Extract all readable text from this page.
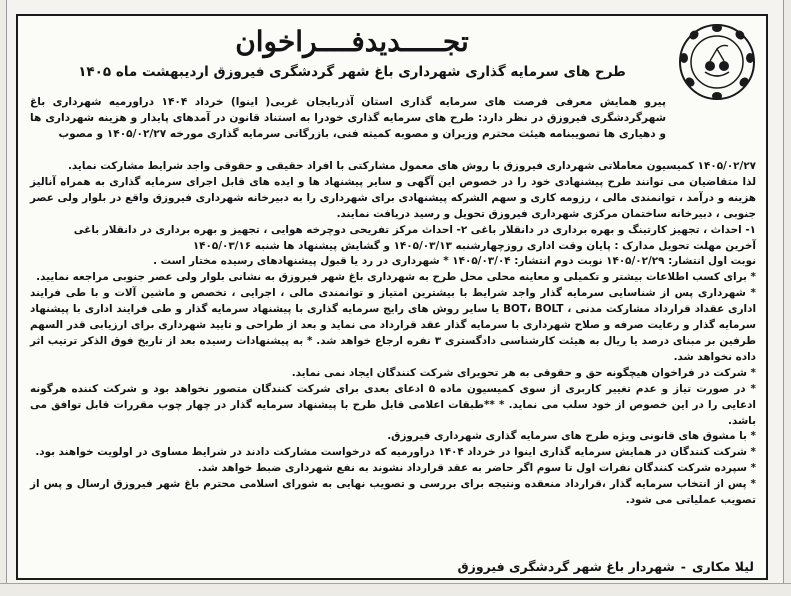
تجـــــدیدفــــراخوان
طرح های سرمایه گذاری شهرداری باغ شهر گردشگری فیروزق اردیبهشت ماه ۱۴۰۵

پیرو همایش معرفی فرصت های سرمایه گذاری استان آذربایجان غربی( اینوا) خرداد ۱۴۰۴ دراورمیه شهرداری باغ شهرگردشگری فیروزق در نظر دارد: طرح های سرمایه گذاری خودرا به استناد قانون در آمدهای پایدار و هزینه شهرداری ها و دهیاری ها تصویبنامه هیئت محترم وزیران و مصوبه کمیته فنی، بازرگانی سرمایه گذاری مورخه ۱۴۰۵/۰۲/۲۷ و مصوب

۱۴۰۵/۰۲/۲۷ کمیسیون معاملاتی شهرداری فیروزق با روش های معمول مشارکتی با افراد حقیقی و حقوقی واجد شرایط مشارکت نماید.

لذا متقاضیان می توانند طرح پیشنهادی خود را در خصوص این آگهی و سایر پیشنهاد ها و ایده های قابل اجرای سرمایه گذاری به همراه آنالیز هزینه و درآمد ، توانمندی مالی ، رزومه کاری و سهم الشرکه پیشنهادی برای شهرداری را به دبیرخانه شهرداری فیروزق واقع در بلوار ولی عصر جنوبی ، دبیرخانه ساختمان مرکزی شهرداری فیروزق تحویل و رسید دریافت نمایند.

۱- احداث ، تجهیز کارتینگ و بهره برداری در دانقلار باغی ۲- احداث مرکز تفریحی دوچرخه هوایی ، تجهیز و بهره برداری در دانقلار باغی

آخرین مهلت تحویل مدارک : پایان وقت اداری روزچهارشنبه ۱۴۰۵/۰۳/۱۳ و گشایش پیشنهاد ها شنبه ۱۴۰۵/۰۳/۱۶

نوبت اول انتشار: ۱۴۰۵/۰۲/۲۹ نوبت دوم انتشار: ۱۴۰۵/۰۳/۰۴ * شهرداری در رد یا قبول پیشنهادهای رسیده مختار است .

* برای کسب اطلاعات بیشتر و تکمیلی و معاینه محلی محل طرح به شهرداری باغ شهر فیروزق به نشانی بلوار ولی عصر جنوبی مراجعه نمایید.

* شهرداری پس از شناسایی سرمایه گذار واجد شرایط با بیشترین امتیاز و توانمندی مالی ، اجرایی ، تخصص و ماشین آلات و با طی فرایند اداری عقداد قرارداد مشارکت مدنی ، BOT، BOLT یا سایر روش های رایج سرمایه گذاری با پیشنهاد سرمایه گذار و طی فرایند اداری با پیشنهاد سرمایه گذار و رعایت صرفه و صلاح شهرداری با سرمایه گذار عقد قرارداد می نماید و بعد از طراحی و تایید شهرداری برای ارزیابی قدر السهم طرفین بر مبنای درصد یا ریال به هیئت کارشناسی دادگستری ۳ نفره ارجاع خواهد شد. * به پیشنهادات رسیده بعد از تاریخ فوق الذکر ترتیب اثر داده نخواهد شد.

* شرکت در فراخوان هیچگونه حق و حقوقی به هر تحویرای شرکت کنندگان ایجاد نمی نماید.

* در صورت تیاز و عدم تغییر کاربری از سوی کمیسیون ماده ۵ ادعای بعدی برای شرکت کنندگان متصور نخواهد بود و شرکت کننده هرگونه ادعایی را در این خصوص از خود سلب می نماید. * **طبقات اعلامی قابل طرح با پیشنهاد سرمایه گذار در چهار چوب مقررات قابل توافق می باشد.

* با مشوق های قانونی ویژه طرح های سرمایه گذاری شهرداری فیروزق.

* شرکت کنندگان در همایش سرمایه گذاری اینوا در خرداد ۱۴۰۴ دراورمیه که درخواست مشارکت دادند در شرایط مساوی در اولویت خواهند بود.

* سپرده شرکت کنندگان نفرات اول تا سوم اگر حاضر به عقد قرارداد نشوند به نفع شهرداری ضبط خواهد شد.

* پس از انتخاب سرمایه گذار ،قرارداد منعقده ونتیجه برای بررسی و تصویب نهایی به شورای اسلامی محترم باغ شهر فیروزق ارسال و پس از تصویب عملیاتی می شود.

لیلا مکاری
-
شهردار باغ شهر گردشگری فیروزق
